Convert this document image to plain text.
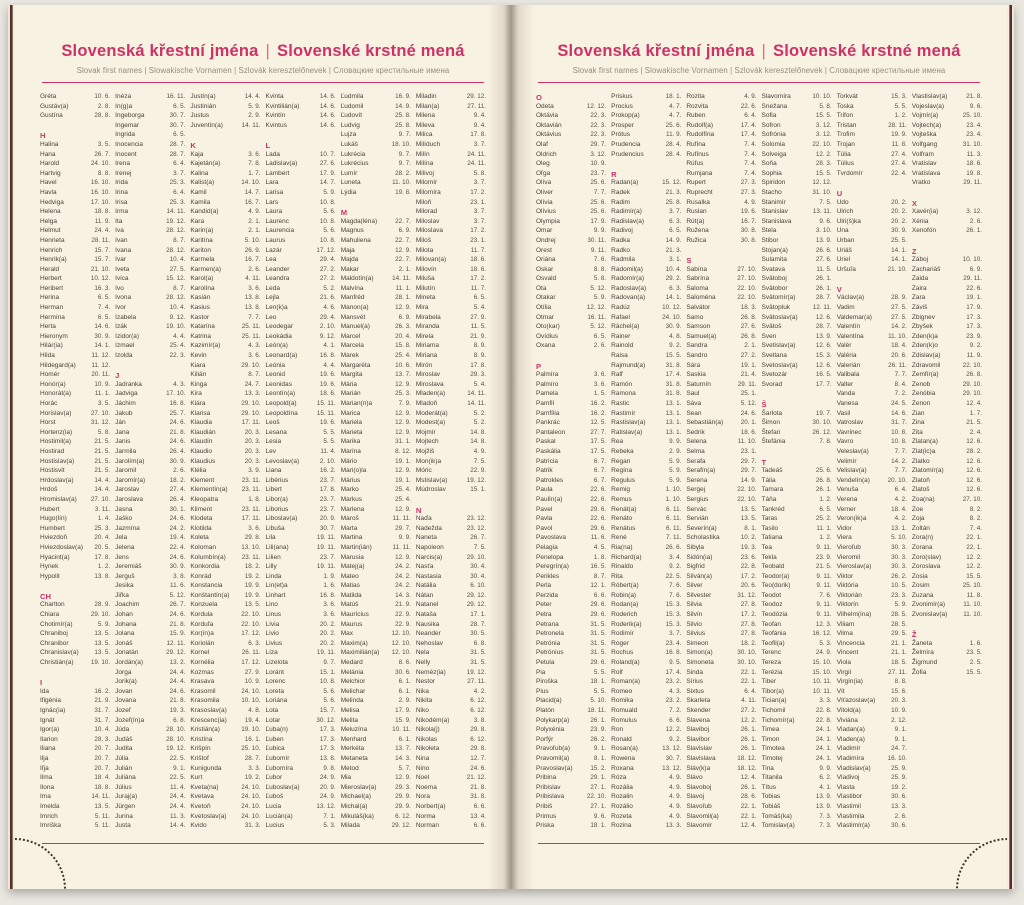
Slovenská křestní jména | Slovenské krstné mená
Slovak first names | Slowakische Vornamen | Szlovák keresztelőnevek | Словацкие крестильные имена
Gréta	10. 6.
Gustáv(a)	2. 8.
Gustína	28. 8.
H
Halina	3. 5.
Hana	26. 7.
Harold	24. 10.
Hartvig	8. 8.
Havel	16. 10.
Havla	16. 10.
Hedviga	17. 10.
Helena	18. 8.
Helga	11. 9.
Helmut	24. 4.
Henrieta	28. 11.
Henrich	15. 7.
Henrik(a)	15. 7.
Herald	21. 10.
Herbert	10. 12.
Heribert	16. 3.
Herina	6. 5.
Herman	7. 4.
Hermína	6. 5.
Herta	14. 6.
Hieronym	30. 9.
Hilár(ia)	14. 1.
Hilda	11. 12.
Hildegard(a)	11. 12.
Homér	20. 11.
Honór(a)	10. 9.
Honorát(a)	11. 1.
Horác	3. 5.
Horislav(a)	27. 10.
Horst	31. 12.
Hortenz(ia)	5. 8.
Hostimil(a)	21. 5.
Hostirad	21. 5.
Hostislav(a)	21. 5.
Hostisvit	21. 5.
Hrdoslav(a)	14. 4.
Hrdoš	14. 4.
Hromislav(a)	27. 10.
Hubert	3. 11.
Hugo(lín)	1. 4.
Humbert	25. 3.
Hviezdoň	20. 4.
Hviezdoslav(a)	20. 5.
Hyacint(a)	17. 8.
Hynek	1. 2.
Hypolit	13. 8.
CH
Charlton	28. 9.
Chiara	29. 10.
Chotimír(a)	5. 9.
Chraniboj	13. 5.
Chranibor	13. 5.
Chranislav(a)	13. 5.
Christián(a)	19. 10.
I
Ida	16. 2.
Ifigénia	21. 9.
Ignác(ia)	31. 7.
Ignát	31. 7.
Igor(a)	10. 4.
Ilarion	28. 3.
Iliana	20. 7.
Ilja	20. 7.
Iľja	20. 7.
Ilma	18. 4.
Ilona	18. 8.
Ima	14. 11.
Imelda	13. 5.
Imrich	5. 11.
Imriška	5. 11.
Inéza	16. 11.
In(g)a	6. 5.
Ingeborga	30. 7.
Ingemar	30. 7.
Ingrida	6. 5.
Inocencia	28. 7.
Inocent	28. 7.
Irena	6. 4.
Irenej	3. 7.
Irida	25. 3.
Irina	6. 4.
Irisa	25. 3.
Irma	14. 11.
Ita	19. 12.
Iva	28. 12.
Ivan	8. 7.
Ivana	28. 12.
Ivar	10. 4.
Iveta	27. 5.
Ivica	15. 12.
Ivo	8. 7.
Ivona	28. 12.
Ivor	10. 4.
Izabela	9. 12.
Izák	19. 10.
Izidor(a)	4. 4.
Izmael	25. 4.
Izolda	22. 3.
J
Jadranka	4. 3.
Jadviga	17. 10.
Jáchim	16. 8.
Jakub	25. 7.
Ján	24. 6.
Jana	21. 8.
Janis	24. 6.
Jarmila	26. 4.
Jarolím(a)	30. 9.
Jaromil	2. 6.
Jaromír(a)	18. 2.
Jaroslav	27. 4.
Jaroslava	26. 4.
Jasna	30. 1.
Jaško	24. 6.
Jazmína	24. 2.
Jela	19. 4.
Jelena	22. 4.
Jens	24. 6.
Jeremiáš	30. 9.
Jerguš	3. 8.
Jesika	11. 6.
Jiřka	5. 12.
Joachim	26. 7.
Johan	24. 6.
Johana	21. 8.
Jolana	15. 9.
Jonáš	12. 11.
Jonatán	29. 12.
Jordán(a)	13. 2.
Jorga	24. 4.
Jorik(a)	24. 4.
Jovan	24. 6.
Jovana	21. 8.
Jozef	19. 3.
Jozef(ín)a	6. 8.
Júda	28. 10.
Judáš	28. 10.
Judita	19. 12.
Júlia	22. 5.
Julián	9. 1.
Juliána	22. 5.
Július	11. 4.
Juraj(a)	24. 4.
Jürgen	24. 4.
Jurina	11. 3.
Justa	14. 4.
Justín(a)	14. 4.
Justinián	5. 9.
Justus	2. 9.
Juventín(a)	14. 11.
K
Kaja	3. 6.
Kajetán(a)	7. 8.
Kalina	1. 7.
Kalist(a)	14. 10.
Kamil	14. 7.
Kamila	16. 7.
Kandid(a)	4. 9.
Kara	2. 1.
Karin(a)	2. 1.
Karitína	5. 10.
Kariton	26. 9.
Karmela	16. 7.
Karmen(a)	2. 6.
Karol(a)	4. 11.
Karolína	3. 6.
Kasián	13. 8.
Kasius	13. 8.
Kastor	7. 7.
Katarína	25. 11.
Katrina	25. 11.
Kazimír(a)	4. 3.
Kevin	3. 6.
Kiara	29. 10.
Kilián	8. 7.
Kinga	24. 7.
Kira	13. 3.
Klára	29. 10.
Klarisa	29. 10.
Klaudia	17. 11.
Klaudián	20. 3.
Klaudín	20. 3.
Klaudio	20. 3.
Klaudius	20. 3.
Klélia	3. 9.
Klement	23. 11.
Klementín(a)	23. 11.
Kleopatra	1. 8.
Kliment	23. 11.
Klodeta	17. 11.
Klotilda	3. 6.
Koleta	29. 8.
Koloman	13. 10.
Kolumbín(a)	23. 11.
Konkordia	18. 2.
Konrád	19. 2.
Konstancia	19. 9.
Konštantín(a)	19. 9.
Konzuela	13. 5.
Kordula	22. 10.
Korduľa	22. 10.
Kor(ín)a	17. 12.
Koriolán	6. 3.
Kornel	26. 11.
Kornélia	17. 12.
Kozmas	27. 9.
Krasava	10. 9.
Krasomil	24. 10.
Krasomila	10. 10.
Krasoslav(a)	4. 8.
Krescenc(ia)	19. 4.
Kristián(a)	19. 10.
Kristína	16. 1.
Krišpín	25. 10.
Krištof	28. 7.
Kunigunda	3. 3.
Kurt	19. 2.
Kveta(na)	24. 10.
Kvetava	24. 10.
Kvetoň	24. 10.
Kvetoslav(a)	24. 10.
Kvido	31. 3.
Kvinta	14. 6.
Kvintilián(a)	14. 6.
Kvintín	14. 6.
Kvintus	14. 6.
L
Lada	10. 7.
Ladislav(a)	27. 6.
Lambert	17. 9.
Lara	14. 7.
Larisa	5. 9.
Lars	10. 8.
Laura	5. 6.
Laurenc	10. 8.
Laurencia	5. 6.
Laurus	10. 8.
Lazár	17. 12.
Lea	29. 4.
Leander	27. 2.
Leandra	27. 2.
Leda	5. 2.
Lejla	21. 6.
Len(k)a	4. 6.
Leo	29. 4.
Leodegar	2. 10.
Leokádia	9. 12.
León(a)	4. 1.
Leonard(a)	16. 8.
Leónia	4. 4.
Leonid	19. 6.
Leonidas	19. 6.
Leontín(a)	18. 6.
Leopold(a)	15. 11.
Leopoldína	15. 11.
Leoš	19. 6.
Lesana	5. 5.
Lesia	5. 5.
Lev	11. 4.
Levoslav(a)	2. 10.
Liana	16. 2.
Libérius	23. 7.
Libert	17. 8.
Libor(a)	23. 7.
Liborius	23. 7.
Liboslav(a)	20. 9.
Libuša	30. 7.
Lila	19. 11.
Lili(ana)	19. 11.
Lilien	23. 7.
Lilly	19. 11.
Linda	1. 9.
Lin(et)a	1. 6.
Linhart	16. 8.
Lino	3. 6.
Linus	3. 6.
Lívia	20. 2.
Livio	20. 2.
Livius	20. 2.
Líza	19. 11.
Lizelota	9. 7.
Loránt	15. 1.
Lorenc	10. 8.
Loreta	5. 6.
Loriána	5. 6.
Lota	15. 7.
Lotar	30. 12.
Ľuba(n)	17. 3.
Ľuben	17. 3.
Ľubica	17. 3.
Ľubomír	13. 8.
Ľubomíra	9. 8.
Ľubor	24. 9.
Ľuboslav(a)	20. 9.
Ľuboš	24. 9.
Lucia	13. 12.
Lucián(a)	7. 1.
Lucius	5. 3.
Ľudmila	16. 9.
Ľudomil	14. 9.
Ľudovít	25. 8.
Ludvig	25. 8.
Lujza	9. 7.
Lukáš	18. 10.
Lukrécia	9. 7.
Lukrécius	9. 7.
Lumír	28. 2.
Luneta	11. 10.
Lýdia	19. 8.
M
Magda(léna)	22. 7.
Magnus	6. 9.
Mahuliena	22. 7.
Maja	12. 9.
Majda	22. 7.
Makar	2. 1.
Maldotín(a)	14. 11.
Malvína	11. 1.
Manfréd	28. 1.
Manon(a)	12. 9.
Mansvét	6. 9.
Manuel(a)	26. 3.
Marcel	20. 4.
Marcela	15. 8.
Marek	25. 4.
Margaréta	10. 6.
Margita	13. 7.
Mária	12. 9.
Marián	25. 3.
Marian(n)a	7. 9.
Marica	12. 9.
Mariela	12. 9.
Marieta	12. 9.
Marika	31. 1.
Marína	8. 12.
Mário	19. 1.
Mari(o)la	12. 9.
Márius	19. 1.
Marko	25. 4.
Markus	25. 4.
Marlena	12. 9.
Maroš	11. 11.
Marta	29. 7.
Martina	9. 9.
Martin(ián)	11. 11.
Marusia	12. 9.
Matej(a)	24. 2.
Mateo	24. 2.
Matias	24. 2.
Matilda	14. 3.
Matúš	21. 9.
Maurícius	22. 9.
Maurus	22. 9.
Max	12. 10.
Maxim(a)	12. 10.
Maximilián(a)	12. 10.
Medard	8. 6.
Melánia	30. 6.
Melchior	6. 1.
Melichar	6. 1.
Melinda	2. 9.
Melisa	17. 9.
Melita	15. 9.
Meluzína	10. 11.
Menhard	6. 1.
Merkéta	13. 7.
Metaneta	14. 3.
Metod	5. 7.
Mia	12. 9.
Mieroslav(a)	29. 3.
Michael(a)	29. 9.
Michal(a)	29. 9.
Mikuláš(ka)	6. 12.
Milada	29. 12.
Miladin	29. 12.
Milan(a)	27. 11.
Milena	9. 4.
Mileva	9. 4.
Milica	17. 8.
Milíduch	3. 7.
Milín	24. 11.
Milína	24. 11.
Milivoj	5. 8.
Milomír	3. 7.
Milomíra	17. 2.
Miloň	23. 1.
Milorad	3. 7.
Miloslav	3. 7.
Miloslava	17. 2.
Miloš	23. 1.
Milota	11. 7.
Milovan(a)	18. 6.
Milovín	18. 6.
Miluša	17. 2.
Milutín	11. 7.
Mineta	6. 5.
Mira	5. 4.
Mirabela	27. 9.
Miranda	11. 5.
Mirela	21. 9.
Miriama	8. 9.
Miriana	8. 9.
Mirón	17. 8.
Miroslav	29. 3.
Miroslava	5. 4.
Mladen(a)	14. 11.
Mladoň	14. 11.
Moderát(a)	5. 2.
Modest(a)	5. 2.
Mojmír	14. 8.
Mojtech	14. 8.
Mojžiš	4. 9.
Mon(ik)a	7. 5.
Móric	22. 9.
Mstislav(a)	19. 12.
Múdroslav	15. 1.
N
Naďa	23. 12.
Nadežda	23. 12.
Naneta	26. 7.
Napoleon	7. 5.
Narcis(a)	29. 10.
Nasťa	30. 4.
Nastasia	30. 4.
Natália	6. 10.
Nátan	29. 12.
Natanel	29. 12.
Nataša	17. 1.
Nausika	28. 7.
Neander	30. 5.
Nehoslav	6. 8.
Nela	31. 5.
Nelly	31. 5.
Neméz(ia)	19. 12.
Nestor	27. 11.
Nika	4. 2.
Nikita	6. 12.
Niko	6. 12.
Nikodém(a)	3. 8.
Nikola(j)	29. 8.
Nikolas	6. 12.
Nikoleta	29. 8.
Nina	12. 7.
Nino	24. 6.
Noel	21. 12.
Noema	21. 8.
Nora	31. 8.
Norbert(a)	6. 6.
Norma	13. 4.
Norman	6. 6.
Slovenská křestní jména | Slovenské krstné mená
Slovak first names | Slowakische Vornamen | Szlovák keresztelőnevek | Словацкие крестильные имена
O
Odeta	12. 12.
Oktávia	22. 3.
Oktavián	22. 3.
Oktávius	22. 3.
Olaf	29. 7.
Oldrich	3. 12.
Oleg	10. 9.
Oľga	23. 7.
Olíva	25. 6.
Oliver	7. 7.
Olívia	25. 6.
Olívius	25. 6.
Olympia	17. 9.
Omar	9. 9.
Ondrej	30. 11.
Orest	9. 11.
Oriána	7. 6.
Oskar	8. 8.
Osvald	5. 8.
Ota	5. 12.
Otakar	5. 9.
Otília	12. 12.
Otmar	16. 11.
Oto(kar)	5. 12.
Ovídius	6. 5.
Oxana	2. 6.
P
Palmíra	3. 6.
Palmíro	3. 6.
Pamela	1. 5.
Pamfil	16. 2.
Pamfília	16. 2.
Pankrác	12. 5.
Pantaleon	27. 7.
Paskal	17. 5.
Paskália	17. 5.
Patrícia	6. 7.
Patrik	6. 7.
Patrokles	6. 7.
Paula	22. 6.
Paulín(a)	22. 6.
Pavel	29. 6.
Pavla	22. 6.
Pavol	29. 6.
Pavoslava	11. 6.
Pelagia	4. 5.
Penelopa	1. 8.
Peregrín(a)	16. 5.
Perikles	8. 7.
Perla	12. 1.
Perzida	6. 6.
Peter	29. 6.
Petra	29. 6.
Petrana	31. 5.
Petronela	31. 5.
Petrónia	31. 5.
Petrónius	31. 5.
Petula	29. 6.
Pia	5. 5.
Piroška	18. 1.
Pius	5. 5.
Placid(a)	5. 10.
Platón	18. 11.
Polykarp(a)	26. 1.
Polyxénia	23. 9.
Porfýr	26. 2.
Pravoľub(a)	9. 1.
Pravomil(a)	8. 1.
Pravoslav(a)	15. 2.
Pribina	29. 1.
Pribislav	27. 1.
Pribislava	22. 10.
Pribiš	27. 1.
Primus	9. 6.
Priska	18. 1.
Priskus	18. 1.
Procius	4. 7.
Prokop(a)	4. 7.
Prosper	25. 6.
Prótus	11. 9.
Prudencia	28. 4.
Prudencius	28. 4.
R
Radan(a)	15. 12.
Radek	21. 3.
Radim	25. 8.
Radimír(a)	3. 7.
Radislav(a)	6. 3.
Radivoj	6. 5.
Radka	14. 9.
Radko	21. 3.
Radmila	3. 1.
Radomil(a)	10. 4.
Radomír(a)	29. 2.
Radoslav(a)	6. 3.
Radovan(a)	14. 1.
Radúz	10. 12.
Rafael	24. 10.
Ráchel(a)	30. 9.
Rainer	4. 8.
Rainold	9. 2.
Raisa	15. 5.
Rajmund(a)	31. 8.
Ralf	17. 4.
Ramón	31. 8.
Ramona	31. 8.
Rastic	13. 1.
Rastimír	13. 1.
Rastislav(a)	13. 1.
Ratislav(a)	13. 1.
Rea	9. 9.
Rebeka	2. 9.
Regan	5. 9.
Regína	5. 9.
Regulus	5. 9.
Remig	1. 10.
Remus	1. 10.
Renát(a)	6. 11.
Renáto	6. 11.
Renátus	6. 11.
René	7. 11.
Ria(na)	26. 6.
Richard(a)	3. 4.
Rinaldo	9. 2.
Rita	22. 5.
Róbert(a)	7. 6.
Robin(a)	7. 6.
Rodan(a)	15. 3.
Roderich	15. 3.
Roderik(a)	15. 3.
Rodimír	3. 7.
Roger	23. 4.
Rochus	16. 8.
Roland(a)	9. 5.
Rolf	17. 4.
Roman(a)	23. 2.
Romeo	4. 3.
Romika	23. 2.
Romuald	7. 2.
Romulus	6. 6.
Ron	12. 2.
Ronald	9. 2.
Rosan(a)	13. 12.
Rowena	30. 7.
Roxana	13. 12.
Róza	4. 9.
Rozália	4. 9.
Rozalin	4. 9.
Rozálio	4. 9.
Rozeta	4. 9.
Rozina	13. 3.
Rozita	4. 9.
Rozvita	22. 6.
Ruben	6. 4.
Rudolf(a)	17. 4.
Rudolfína	17. 4.
Rufína	7. 4.
Rufínus	7. 4.
Rúfus	7. 4.
Rumjana	7. 4.
Rupert	27. 3.
Ruprecht	27. 3.
Rusalka	4. 9.
Ruslan	19. 6.
Rút(a)	16. 7.
Ružena	30. 8.
Ružica	30. 8.
S
Sabína	27. 10.
Sabrína	27. 10.
Saloma	22. 10.
Saloména	22. 10.
Salvátor	18. 3.
Samo	26. 8.
Samson	27. 6.
Samuel(a)	26. 8.
Sandra	2. 1.
Sandro	27. 2.
Sára	19. 1.
Saskia	21. 4.
Saturnín	29. 11.
Saul	25. 1.
Sáva	5. 12.
Sean	24. 6.
Sebastián(a)	20. 1.
Sedrik	18. 6.
Selena	11. 10.
Selma	23. 1.
Serafa	29. 7.
Serafín(a)	29. 7.
Serena	14. 9.
Sergej	22. 10.
Sergius	22. 10.
Servác	13. 5.
Servián	13. 5.
Severín(a)	8. 1.
Scholastika	10. 2.
Sibyla	19. 3.
Sidón(ia)	23. 6.
Sigfrid	22. 8.
Silván(a)	17. 2.
Silver	20. 6.
Silvester	31. 12.
Silvia	27. 8.
Silvín	17. 2.
Silvio	27. 8.
Silvius	27. 8.
Simeon	18. 2.
Simon(a)	30. 10.
Simoneta	30. 10.
Sinda	22. 1.
Sírius	22. 1.
Sixtus	6. 4.
Skarleta	4. 11.
Skender	27. 2.
Slavena	12. 2.
Slaviboj	26. 1.
Slavibor	26. 1.
Slavislav	26. 1.
Slavislava	18. 12.
Sláv(k)a	18. 12.
Slávo	12. 4.
Slavoboj	26. 1.
Slavoj	28. 6.
Slavoľub	22. 1.
Slavomil(a)	22. 1.
Slavomír	12. 4.
Slavomíra	10. 10.
Snežana	5. 8.
Sofia	15. 5.
Sofron	3. 12.
Sofrónia	3. 12.
Solomia	22. 10.
Solveiga	12. 2.
Soňa	28. 3.
Sophia	15. 5.
Spiridon	12. 12.
Stacho	31. 10.
Stanimír	7. 5.
Stanislav	13. 11.
Stanislava	9. 6.
Stela	3. 10.
Stibor	13. 9.
Stojan(a)	26. 6.
Sulamita	27. 6.
Svatava	11. 5.
Svätoboj	26. 1.
Svätobor	26. 1.
Svätomír(a)	28. 7.
Svätopluk	12. 11.
Svätoslav(a)	12. 6.
Svätoš	28. 7.
Sven	13. 9.
Svetislav(a)	12. 6.
Svetlana	15. 3.
Svetoslav(a)	12. 6.
Svetozár	16. 5.
Svorad	17. 7.
Š
Šarlota	19. 7.
Šimon	30. 10.
Štefan	26. 12.
Štefánia	7. 8.
T
Tadeáš	25. 6.
Tália	26. 8.
Tamara	26. 1.
Táňa	1. 2.
Tankréd	6. 5.
Taras	25. 2.
Tasilo	11. 1.
Tatiana	1. 2.
Tea	9. 11.
Tekla	23. 9.
Teobald	21. 5.
Teodor(a)	9. 11.
Teo(dorik)	9. 11.
Teodot	7. 6.
Teodoz	9. 11.
Teodózia	9. 11.
Teofan	12. 3.
Teofánia	16. 12.
Teofil(a)	5. 3.
Terenc	24. 9.
Tereza	15. 10.
Terézia	15. 10.
Tiber	10. 11.
Tibor(a)	10. 11.
Tician(a)	3. 3.
Tichomil	22. 8.
Tichomír(a)	22. 8.
Timea	24. 1.
Timon	24. 1.
Timotea	24. 1.
Timotej	24. 1.
Tina	9. 9.
Titanila	6. 2.
Títus	4. 1.
Tobias	13. 9.
Tobiáš	13. 9.
Tomáš(ka)	7. 3.
Tomislav(a)	7. 3.
Torkvát	15. 3.
Toska	5. 5.
Trifon	1. 2.
Tristan	28. 11.
Trofim	19. 9.
Trojan	11. 8.
Túlia	27. 4.
Túlius	27. 4.
Tvrdomír	22. 4.
U
Udo	20. 2.
Ulrich	20. 2.
Ulri(š)ka	20. 2.
Una	30. 9.
Urban	25. 5.
Uriáš	14. 1.
Uriel	14. 1.
Uršuľa	21. 10.
V
Václav(a)	28. 9.
Vadim	27. 5.
Valdemar(a)	27. 5.
Valentín	14. 2.
Valentína	11. 10.
Valér	18. 4.
Valéria	20. 6.
Valerián	26. 11.
Valibala	7. 7.
Valter	8. 4.
Vanda	7. 2.
Vanesa	24. 5.
Vasil	14. 6.
Vatroslav	31. 7.
Vavrinec	10. 8.
Vavro	10. 8.
Veleslav(a)	7. 7.
Velimír	14. 2.
Velislav(a)	7. 7.
Vendelín(a)	20. 10.
Venuša	6. 4.
Verena	4. 2.
Verner	18. 4.
Veron(ik)a	4. 2.
Vidor	13. 1.
Viera	5. 10.
Vieroľub	30. 3.
Vieromil	30. 3.
Vieroslav(a)	30. 3.
Viktor	26. 2.
Viktória	10. 5.
Viktorián	23. 3.
Viktorín	5. 9.
Vilhelm(ína)	28. 5.
Viliam	28. 5.
Vilma	29. 5.
Vincencia	21. 1.
Vincent	21. 1.
Viola	18. 5.
Virgil	27. 11.
Virgín(ia)	8. 8.
Vít	15. 6.
Víťazoslav(a)	20. 3.
Vitold(a)	10. 9.
Viviána	2. 12.
Vladan(a)	9. 1.
Vladen(a)	9. 1.
Vladimír	24. 7.
Vladimíra	16. 10.
Vladislav(a)	25. 9.
Vladivoj	25. 9.
Vlasta	19. 2.
Vlastibor	30. 6.
Vlastimil	13. 3.
Vlastimila	2. 6.
Vlastimír(a)	30. 6.
Vlastislav(a)	21. 8.
Vojeslav(a)	9. 6.
Vojmír(a)	25. 10.
Vojtech(a)	23. 4.
Vojteška	23. 4.
Volfgang	31. 10.
Volfram	11. 3.
Vratislav	18. 6.
Vratislava	19. 8.
Vratko	29. 11.
X
Xavér(ia)	3. 12.
Xénia	2. 6.
Xenofón	26. 1.
Z
Záboj	10. 10.
Zachariáš	6. 9.
Zaida	29. 11.
Zaira	22. 6.
Zara	19. 1.
Záviš	17. 9.
Zbignev	17. 3.
Zbyšek	17. 3.
Zden(k)a	23. 9.
Zden(k)o	9. 2.
Zdislav(a)	11. 9.
Zdravomil	22. 10.
Zemfír(a)	26. 8.
Zenob	29. 10.
Zenóbia	29. 10.
Zenon	12. 4.
Zian	1. 7.
Zina	21. 5.
Zita	2. 4.
Zlatan(a)	12. 6.
Zlat(ic)a	28. 2.
Zlatko	12. 6.
Zlatomír(a)	12. 6.
Zlatoň	12. 6.
Zlatoš	12. 6.
Zoa(na)	27. 10.
Zoe	8. 2.
Zoja	8. 2.
Zoltán	7. 4.
Zora(n)	22. 1.
Zorana	22. 1.
Zoro(slav)	12. 2.
Zoroslava	12. 2.
Zosia	15. 5.
Zosim	25. 10.
Zuzana	11. 8.
Zvonimír(a)	11. 10.
Zvonislav(a)	11. 10.
Ž
Žaneta	1. 6.
Želmíra	23. 5.
Žigmund	2. 5.
Žofia	15. 5.
